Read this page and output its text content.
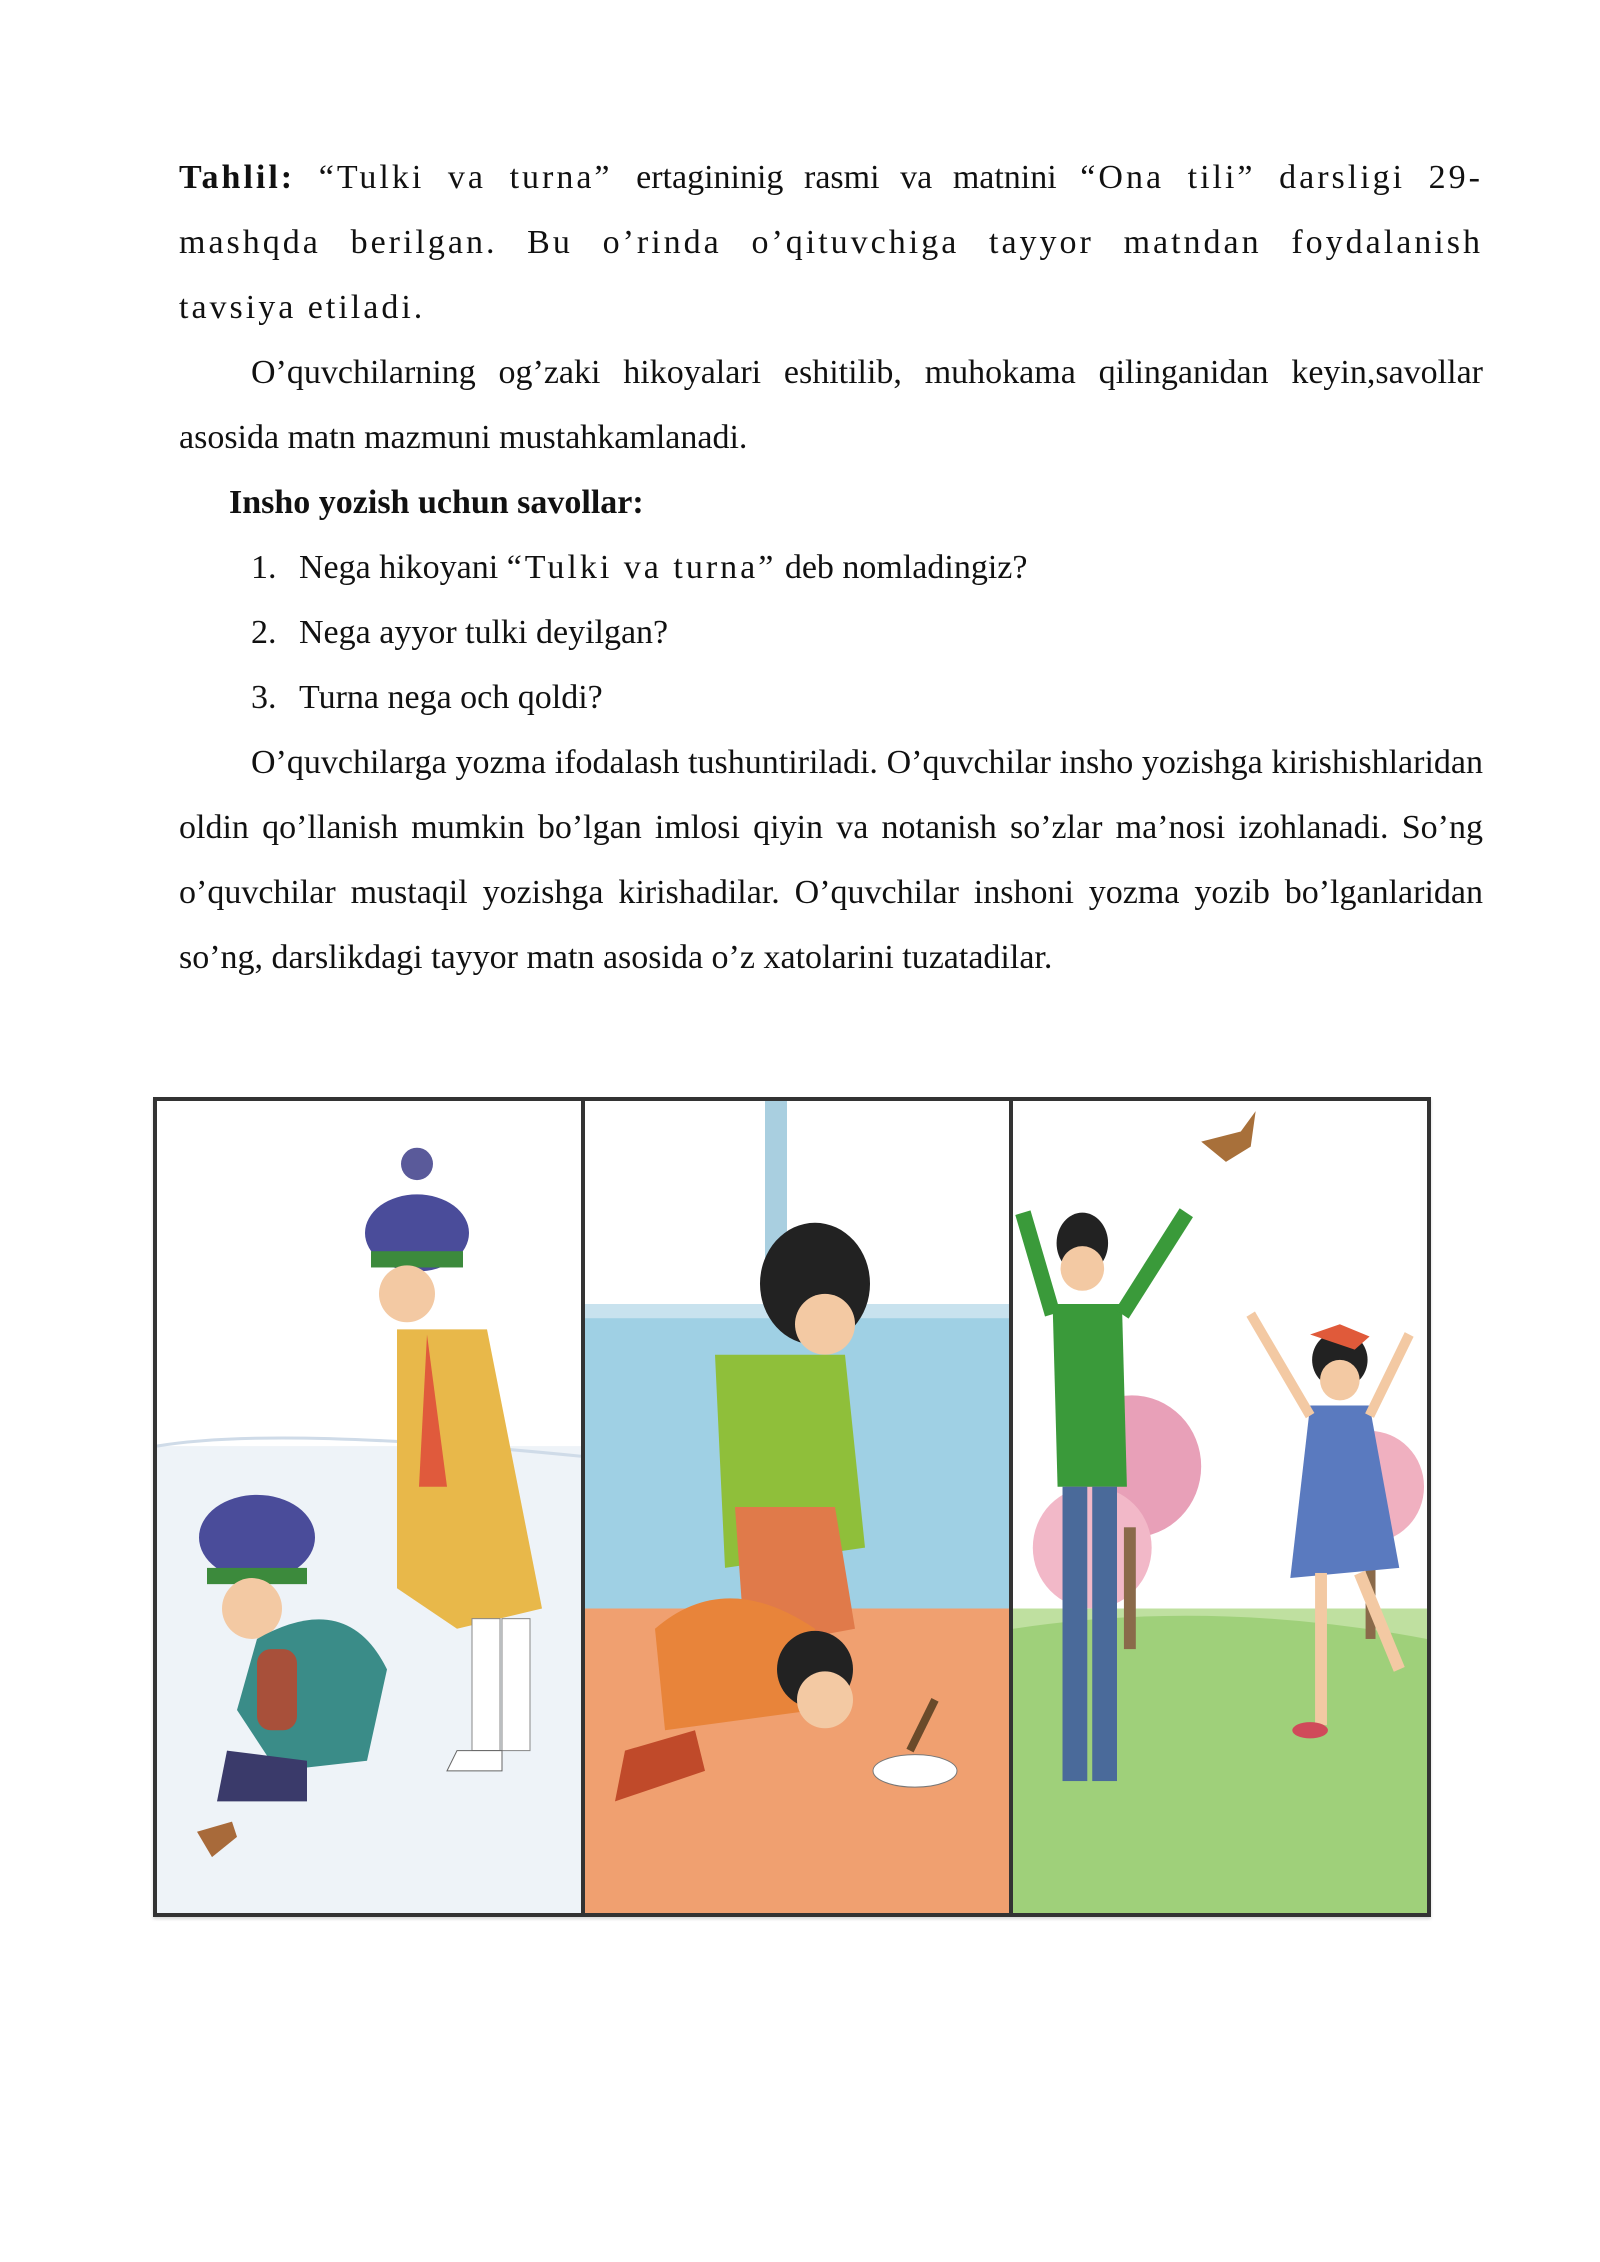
Tahlil: “Tulki va turna” ertagininig rasmi va matnini “Ona tili” darsligi 29-mashqda berilgan. Bu o’rinda o’qituvchiga tayyor matndan foydalanish tavsiya etiladi.

O’quvchilarning og’zaki hikoyalari eshitilib, muhokama qilinganidan keyin,savollar asosida matn mazmuni mustahkamlanadi.

Insho yozish uchun savollar:

1. Nega hikoyani “Tulki va turna” deb nomladingiz?
2. Nega ayyor tulki deyilgan?
3. Turna nega och qoldi?

O’quvchilarga yozma ifodalash tushuntiriladi. O’quvchilar insho yozishga kirishishlaridan oldin qo’llanish mumkin bo’lgan imlosi qiyin va notanish so’zlar ma’nosi izohlanadi. So’ng o’quvchilar mustaqil yozishga kirishadilar. O’quvchilar inshoni yozma yozib bo’lganlaridan so’ng, darslikdagi tayyor matn asosida o’z xatolarini tuzatadilar.
